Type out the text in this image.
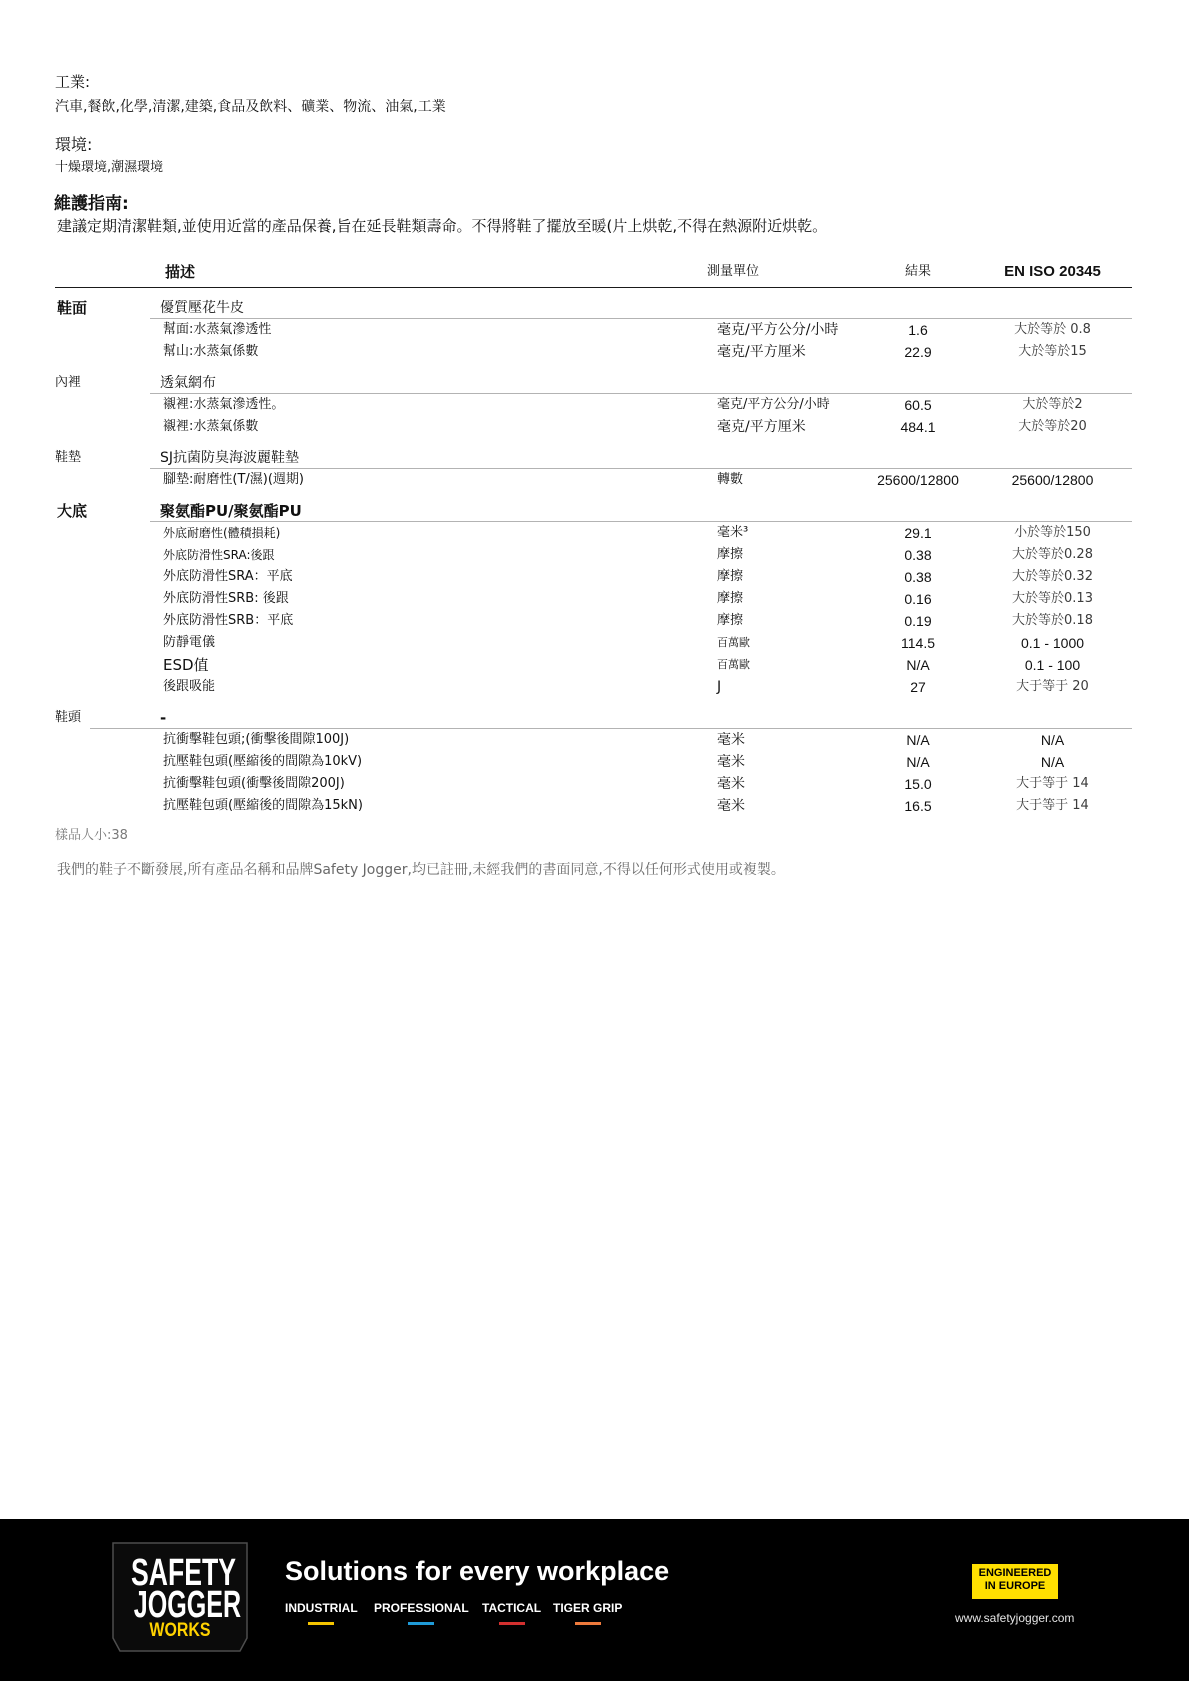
工業:
汽車,餐飲,化學,清潔,建築,食品及飲料、礦業、物流、油氣,工業
環境:
十燥環境,潮濕環境
維護指南:
建議定期清潔鞋類,並使用近當的產品保養,旨在延長鞋類壽命。不得將鞋了擺放至暖(片上烘乾,不得在熱源附近烘乾。
描述	測量單位	結果	EN ISO 20345
鞋面	優質壓花牛皮
幫面:水蒸氣滲透性	毫克/平方公分/小時	1.6	大於等於 0.8
幫山:水蒸氣係數	毫克/平方厘米	22.9	大於等於15
內裡	透氣網布
襯裡:水蒸氣滲透性。	毫克/平方公分/小時	60.5	大於等於2
襯裡:水蒸氣係數	毫克/平方厘米	484.1	大於等於20
鞋墊	SJ抗菌防臭海波麗鞋墊
腳墊:耐磨性(T/濕)(週期)	轉數	25600/12800	25600/12800
大底	聚氨酯PU/聚氨酯PU
外底耐磨性(體積損耗)	毫米³	29.1	小於等於150
外底防滑性SRA:後跟	摩擦	0.38	大於等於0.28
外底防滑性SRA：平底	摩擦	0.38	大於等於0.32
外底防滑性SRB: 後跟	摩擦	0.16	大於等於0.13
外底防滑性SRB：平底	摩擦	0.19	大於等於0.18
防靜電儀	百萬歐	114.5	0.1 - 1000
ESD值	百萬歐	N/A	0.1 - 100
後跟吸能	J	27	大于等于 20
鞋頭	-
抗衝擊鞋包頭;(衝擊後間隙100J)	毫米	N/A	N/A
抗壓鞋包頭(壓縮後的間隙為10kV)	毫米	N/A	N/A
抗衝擊鞋包頭(衝擊後間隙200J)	毫米	15.0	大于等于 14
抗壓鞋包頭(壓縮後的間隙為15kN)	毫米	16.5	大于等于 14
樣品人小:38
我們的鞋子不斷發展,所有產品名稱和品牌Safety Jogger,均已註冊,未經我們的書面同意,不得以任何形式使用或複製。
SAFETY
JOGGER
WORKS
Solutions for every workplace
INDUSTRIAL PROFESSIONAL TACTICAL TIGER GRIP
ENGINEERED
IN EUROPE
www.safetyjogger.com
